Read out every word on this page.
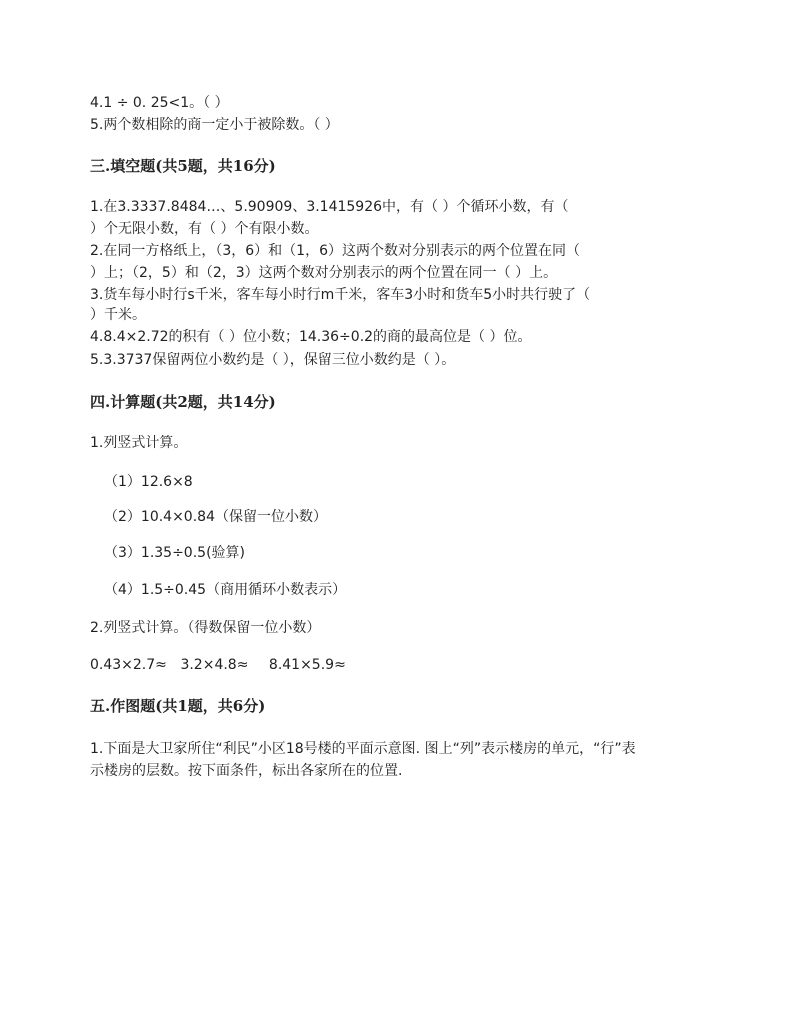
4.1 ÷ 0. 25<1。（ ）
5.两个数相除的商一定小于被除数。（ ）
三.填空题(共5题，共16分)
1.在3.3337.8484…、5.90909、3.1415926中，有（ ）个循环小数，有（
）个无限小数，有（ ）个有限小数。
2.在同一方格纸上，（3，6）和（1，6）这两个数对分别表示的两个位置在同（
）上；（2，5）和（2，3）这两个数对分别表示的两个位置在同一（ ）上。
3.货车每小时行s千米，客车每小时行m千米，客车3小时和货车5小时共行驶了（
）千米。
4.8.4×2.72的积有（ ）位小数；14.36÷0.2的商的最高位是（ ）位。
5.3.3737保留两位小数约是（ ），保留三位小数约是（ ）。
四.计算题(共2题，共14分)
1.列竖式计算。
（1）12.6×8
（2）10.4×0.84（保留一位小数）
（3）1.35÷0.5(验算)
（4）1.5÷0.45（商用循环小数表示）
2.列竖式计算。（得数保留一位小数）
0.43×2.7≈ 3.2×4.8≈ 8.41×5.9≈
五.作图题(共1题，共6分)
1.下面是大卫家所住“利民”小区18号楼的平面示意图. 图上“列”表示楼房的单元，“行”表
示楼房的层数。按下面条件，标出各家所在的位置.
